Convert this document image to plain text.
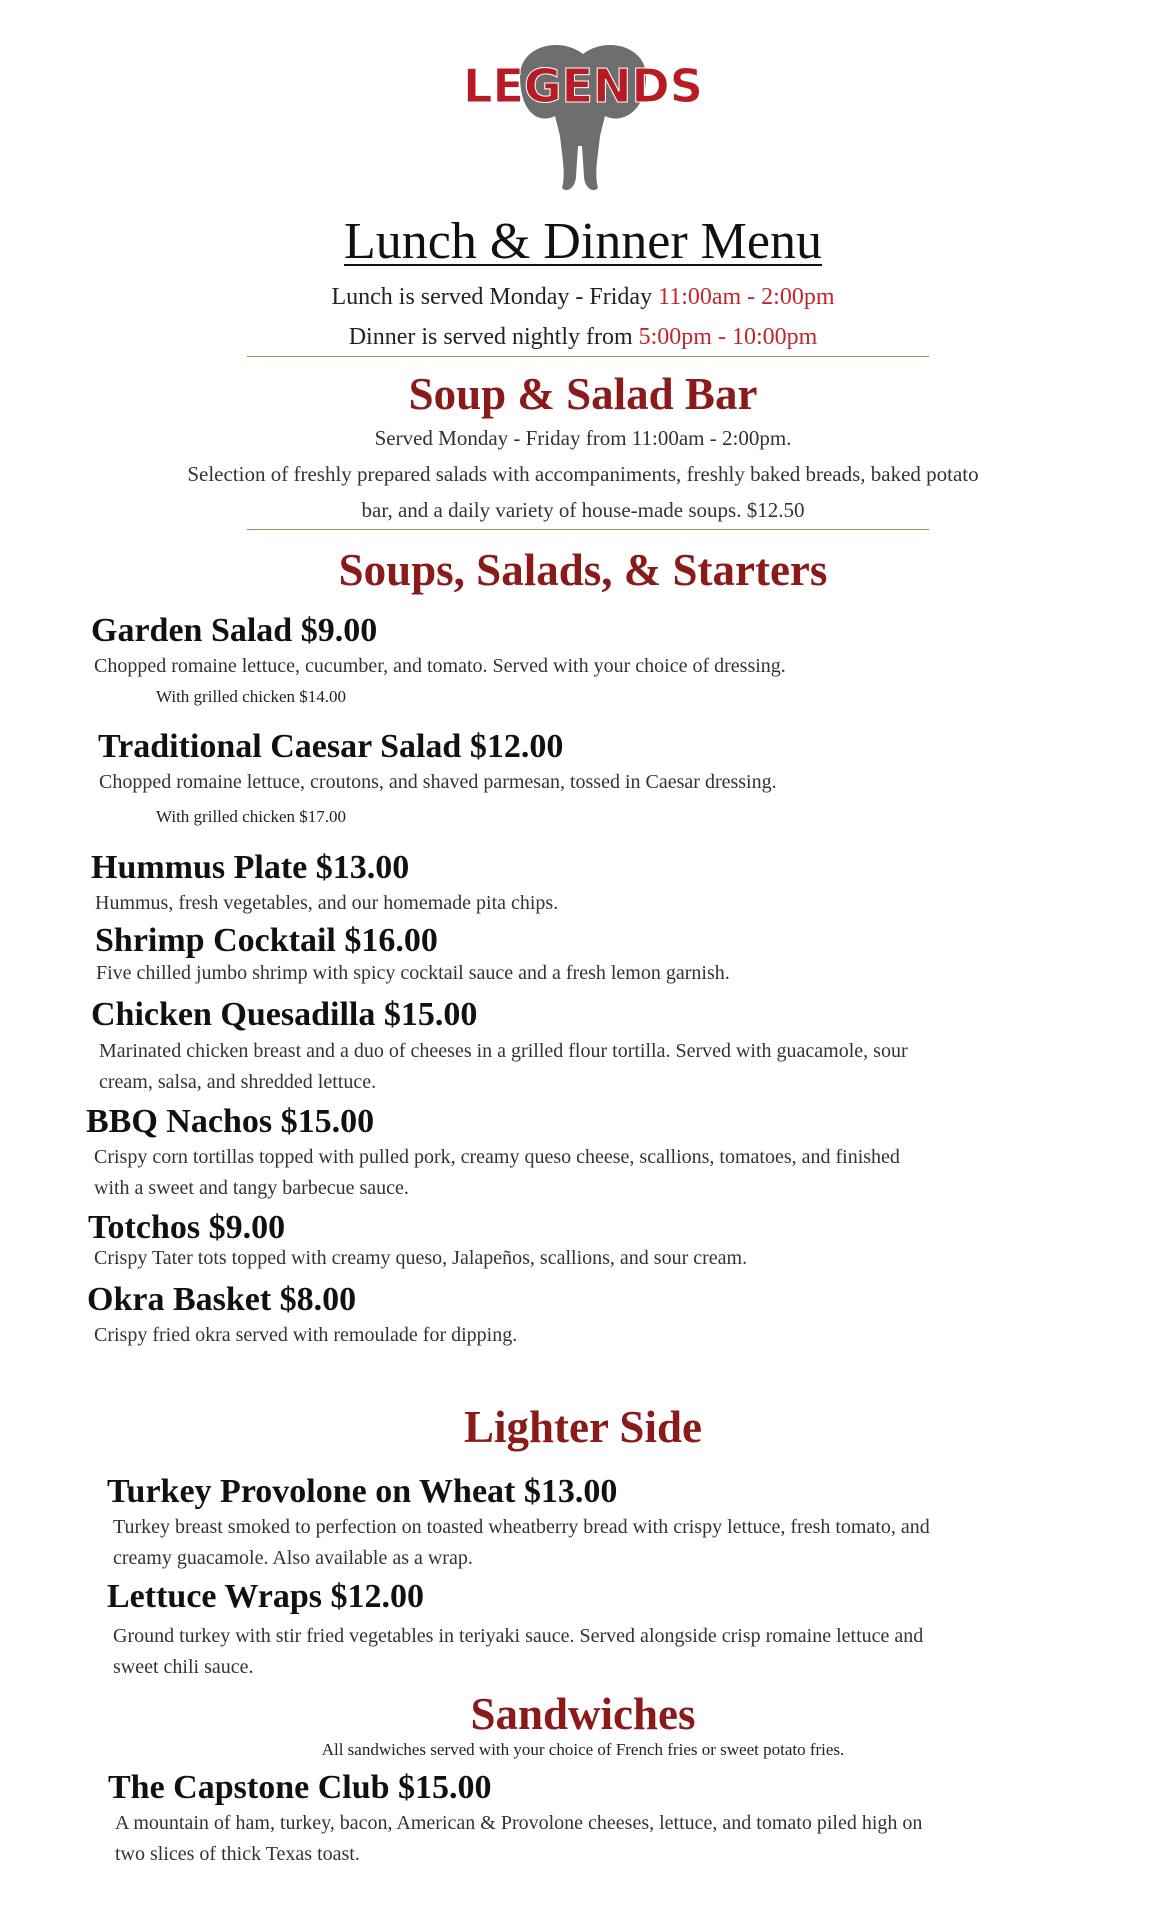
LEGENDS
Lunch & Dinner Menu
Lunch is served Monday - Friday 11:00am - 2:00pm
Dinner is served nightly from 5:00pm - 10:00pm
Soup & Salad Bar
Served Monday - Friday from 11:00am - 2:00pm.
Selection of freshly prepared salads with accompaniments, freshly baked breads, baked potato
bar, and a daily variety of house-made soups. $12.50
Soups, Salads, & Starters
Garden Salad $9.00
Chopped romaine lettuce, cucumber, and tomato. Served with your choice of dressing.
With grilled chicken $14.00
Traditional Caesar Salad $12.00
Chopped romaine lettuce, croutons, and shaved parmesan, tossed in Caesar dressing.
With grilled chicken $17.00
Hummus Plate $13.00
Hummus, fresh vegetables, and our homemade pita chips.
Shrimp Cocktail $16.00
Five chilled jumbo shrimp with spicy cocktail sauce and a fresh lemon garnish.
Chicken Quesadilla $15.00
Marinated chicken breast and a duo of cheeses in a grilled flour tortilla. Served with guacamole, sour
cream, salsa, and shredded lettuce.
BBQ Nachos $15.00
Crispy corn tortillas topped with pulled pork, creamy queso cheese, scallions, tomatoes, and finished
with a sweet and tangy barbecue sauce.
Totchos $9.00
Crispy Tater tots topped with creamy queso, Jalapeños, scallions, and sour cream.
Okra Basket $8.00
Crispy fried okra served with remoulade for dipping.
Lighter Side
Turkey Provolone on Wheat $13.00
Turkey breast smoked to perfection on toasted wheatberry bread with crispy lettuce, fresh tomato, and
creamy guacamole. Also available as a wrap.
Lettuce Wraps $12.00
Ground turkey with stir fried vegetables in teriyaki sauce. Served alongside crisp romaine lettuce and
sweet chili sauce.
Sandwiches
All sandwiches served with your choice of French fries or sweet potato fries.
The Capstone Club $15.00
A mountain of ham, turkey, bacon, American & Provolone cheeses, lettuce, and tomato piled high on
two slices of thick Texas toast.
